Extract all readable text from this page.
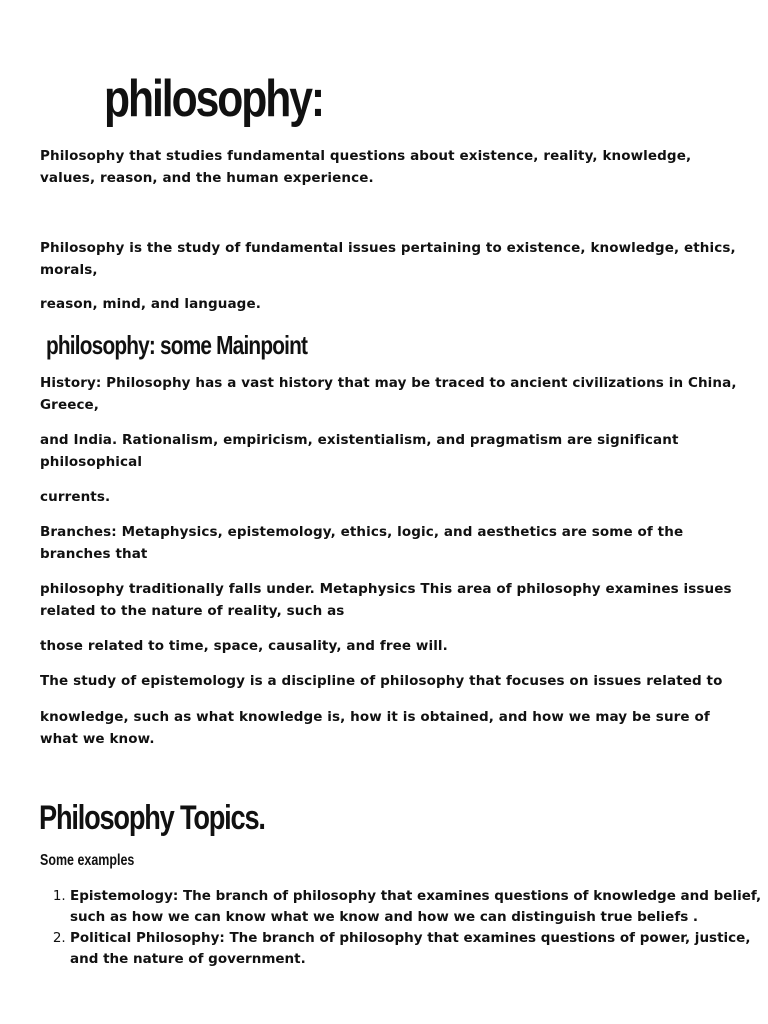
philosophy:

Philosophy that studies fundamental questions about existence, reality, knowledge, values, reason, and the human experience.

Philosophy is the study of fundamental issues pertaining to existence, knowledge, ethics, morals,

reason, mind, and language.

philosophy: some Mainpoint

History: Philosophy has a vast history that may be traced to ancient civilizations in China, Greece,

and India. Rationalism, empiricism, existentialism, and pragmatism are significant philosophical

currents.

Branches: Metaphysics, epistemology, ethics, logic, and aesthetics are some of the branches that

philosophy traditionally falls under. Metaphysics This area of philosophy examines issues related to the nature of reality, such as

those related to time, space, causality, and free will.

The study of epistemology is a discipline of philosophy that focuses on issues related to

knowledge, such as what knowledge is, how it is obtained, and how we may be sure of what we know.

Philosophy Topics.
Some examples
1. Epistemology: The branch of philosophy that examines questions of knowledge and belief, such as how we can know what we know and how we can distinguish true beliefs .
2. Political Philosophy: The branch of philosophy that examines questions of power, justice, and the nature of government.
